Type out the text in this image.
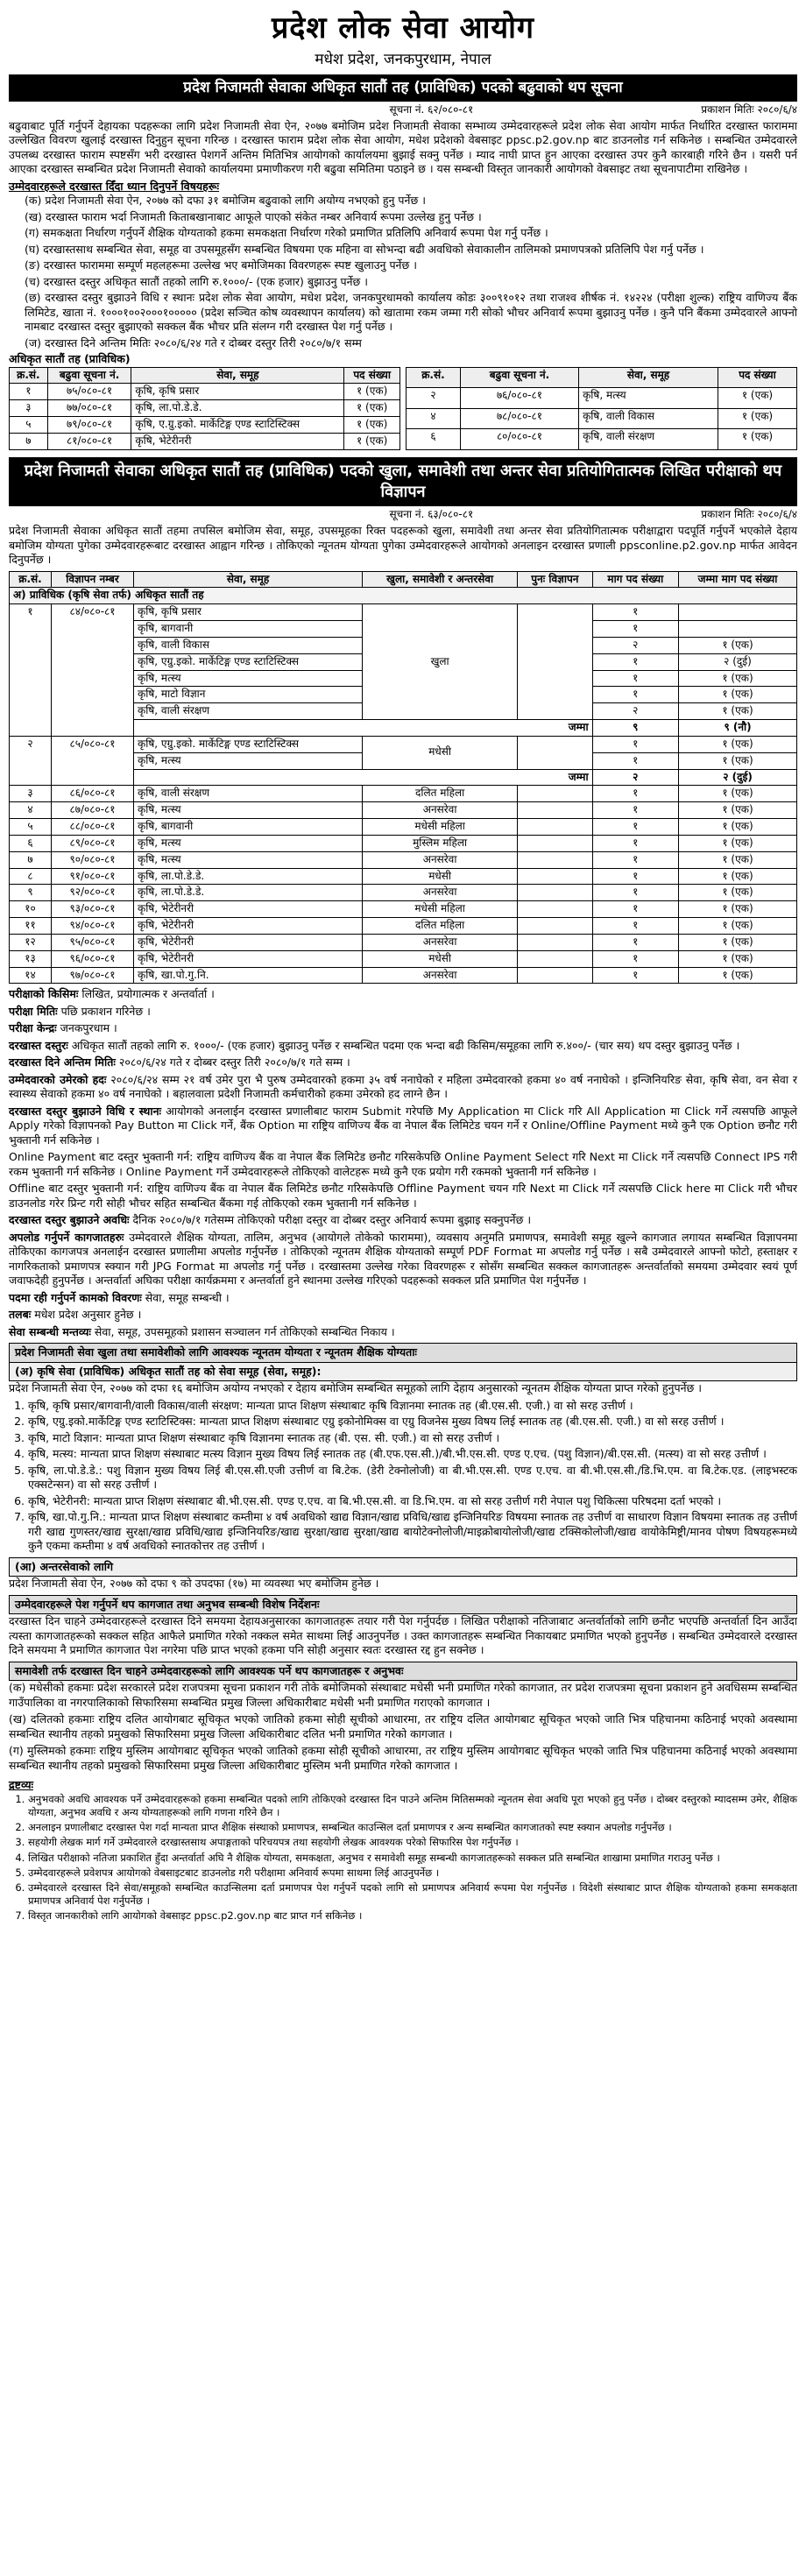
प्रदेश लोक सेवा आयोग
मधेश प्रदेश, जनकपुरधाम, नेपाल
प्रदेश निजामती सेवाका अधिकृत सातौं तह (प्राविधिक) पदको बढुवाको थप सूचना
सूचना नं. ६२/०८०-८१	प्रकाशन मितिः २०८०/६/४

बढुवाबाट पूर्ति गर्नुपर्ने देहायका पदहरूका लागि प्रदेश निजामती सेवा ऐन, २०७७ बमोजिम प्रदेश निजामती सेवाका सम्भाव्य उम्मेदवारहरूले प्रदेश लोक सेवा आयोग मार्फत निर्धारित दरखास्त फाराममा उल्लेखित विवरण खुलाई दरखास्त दिनुहुन सूचना गरिन्छ । दरखास्त फाराम प्रदेश लोक सेवा आयोग, मधेश प्रदेशको वेबसाइट ppsc.p2.gov.np बाट डाउनलोड गर्न सकिनेछ । सम्बन्धित उम्मेदवारले उपलब्ध दरखास्त फाराम स्पष्टसँग भरी दरखास्त पेशगर्ने अन्तिम मितिभित्र आयोगको कार्यालयमा बुझाई सक्नु पर्नेछ । म्याद नाघी प्राप्त हुन आएका दरखास्त उपर कुनै कारबाही गरिने छैन । यसरी पर्न आएका दरखास्त सम्बन्धित प्रदेश निजामती सेवाको कार्यालयमा प्रमाणीकरण गरी बढुवा समितिमा पठाइने छ । यस सम्बन्धी विस्तृत जानकारी आयोगको वेबसाइट तथा सूचनापाटीमा राखिनेछ ।

उम्मेदवारहरूले दरखास्त दिँदा ध्यान दिनुपर्ने विषयहरूः
(क) प्रदेश निजामती सेवा ऐन, २०७७ को दफा ३१ बमोजिम बढुवाको लागि अयोग्य नभएको हुनु पर्नेछ ।
(ख) दरखास्त फाराम भर्दा निजामती किताबखानाबाट आफूले पाएको संकेत नम्बर अनिवार्य रूपमा उल्लेख हुनु पर्नेछ ।
(ग) समकक्षता निर्धारण गर्नुपर्ने शैक्षिक योग्यताको हकमा समकक्षता निर्धारण गरेको प्रमाणित प्रतिलिपि अनिवार्य रूपमा पेश गर्नु पर्नेछ ।
(घ) दरखास्तसाथ सम्बन्धित सेवा, समूह वा उपसमूहसँग सम्बन्धित विषयमा एक महिना वा सोभन्दा बढी अवधिको सेवाकालीन तालिमको प्रमाणपत्रको प्रतिलिपि पेश गर्नु पर्नेछ ।
(ङ) दरखास्त फाराममा सम्पूर्ण महलहरूमा उल्लेख भए बमोजिमका विवरणहरू स्पष्ट खुलाउनु पर्नेछ ।
(च) दरखास्त दस्तुर अधिकृत सातौं तहको लागि रु.१०००/- (एक हजार) बुझाउनु पर्नेछ ।
(छ) दरखास्त दस्तुर बुझाउने विधि र स्थानः प्रदेश लोक सेवा आयोग, मधेश प्रदेश, जनकपुरधामको कार्यालय कोडः ३००९१०१२ तथा राजश्व शीर्षक नं. १४२२४ (परीक्षा शुल्क) राष्ट्रिय वाणिज्य बैंक लिमिटेड, खाता नं. १०००१००२०००१००००० (प्रदेश सञ्चित कोष व्यवस्थापन कार्यालय) को खातामा रकम जम्मा गरी सोको भौचर अनिवार्य रूपमा बुझाउनु पर्नेछ । कुनै पनि बैंकमा उम्मेदवारले आफ्नो नामबाट दरखास्त दस्तुर बुझाएको सक्कल बैंक भौचर प्रति संलग्न गरी दरखास्त पेश गर्नु पर्नेछ ।
(ज) दरखास्त दिने अन्तिम मितिः २०८०/६/२४ गते र दोब्बर दस्तुर तिरी २०८०/७/१ सम्म
अधिकृत सातौं तह (प्राविधिक)
क्र.सं.	बढुवा सूचना नं.	सेवा, समूह	पद संख्या
१	७५/०८०-८१	कृषि, कृषि प्रसार	१ (एक)
३	७७/०८०-८१	कृषि, ला.पो.डे.डे.	१ (एक)
५	७९/०८०-८१	कृषि, ए.ग्रु.इको. मार्केटिङ्ग एण्ड स्टाटिस्टिक्स	१ (एक)
७	८१/०८०-८१	कृषि, भेटेरीनरी	१ (एक)
क्र.सं.	बढुवा सूचना नं.	सेवा, समूह	पद संख्या
२	७६/०८०-८१	कृषि, मत्स्य	१ (एक)
४	७८/०८०-८१	कृषि, वाली विकास	१ (एक)
६	८०/०८०-८१	कृषि, वाली संरक्षण	१ (एक)
प्रदेश निजामती सेवाका अधिकृत सातौं तह (प्राविधिक) पदको खुला, समावेशी तथा अन्तर सेवा प्रतियोगितात्मक लिखित परीक्षाको थप विज्ञापन
सूचना नं. ६३/०८०-८१	प्रकाशन मितिः २०८०/६/४

प्रदेश निजामती सेवाका अधिकृत सातौं तहमा तपसिल बमोजिम सेवा, समूह, उपसमूहका रिक्त पदहरूको खुला, समावेशी तथा अन्तर सेवा प्रतियोगितात्मक परीक्षाद्वारा पदपूर्ति गर्नुपर्ने भएकोले देहाय बमोजिम योग्यता पुगेका उम्मेदवारहरूबाट दरखास्त आह्वान गरिन्छ । तोकिएको न्यूनतम योग्यता पुगेका उम्मेदवारहरूले आयोगको अनलाइन दरखास्त प्रणाली ppsconline.p2.gov.np मार्फत आवेदन दिनुपर्नेछ ।

क्र.सं.	विज्ञापन नम्बर	सेवा, समूह	खुला, समावेशी र अन्तरसेवा	पुनः विज्ञापन	माग पद संख्या	जम्मा माग पद संख्या
अ) प्राविधिक (कृषि सेवा तर्फ) अधिकृत सातौं तह						
१	८४/०८०-८१	कृषि, कृषि प्रसार	खुला		१	
		कृषि, बागवानी			१	
		कृषि, वाली विकास			२	१ (एक)
		कृषि, एग्रु.इको. मार्केटिङ्ग एण्ड स्टाटिस्टिक्स			१	२ (दुई)
		कृषि, मत्स्य			१	१ (एक)
		कृषि, माटो विज्ञान			१	१ (एक)
		कृषि, वाली संरक्षण			२	१ (एक)
		जम्मा			९	९ (नौ)
२	८५/०८०-८१	कृषि, एग्रु.इको. मार्केटिङ्ग एण्ड स्टाटिस्टिक्स	मधेसी		१	१ (एक)
		कृषि, मत्स्य			१	१ (एक)
		जम्मा			२	२ (दुई)
३	८६/०८०-८१	कृषि, वाली संरक्षण	दलित महिला		१	१ (एक)
४	८७/०८०-८१	कृषि, मत्स्य	अनसरेवा		१	१ (एक)
५	८८/०८०-८१	कृषि, बागवानी	मधेसी महिला		१	१ (एक)
६	८९/०८०-८१	कृषि, मत्स्य	मुस्लिम महिला		१	१ (एक)
७	९०/०८०-८१	कृषि, मत्स्य	अनसरेवा		१	१ (एक)
८	९१/०८०-८१	कृषि, ला.पो.डे.डे.	मधेसी		१	१ (एक)
९	९२/०८०-८१	कृषि, ला.पो.डे.डे.	अनसरेवा		१	१ (एक)
१०	९३/०८०-८१	कृषि, भेटेरीनरी	मधेसी महिला		१	१ (एक)
११	९४/०८०-८१	कृषि, भेटेरीनरी	दलित महिला		१	१ (एक)
१२	९५/०८०-८१	कृषि, भेटेरीनरी	अनसरेवा		१	१ (एक)
१३	९६/०८०-८१	कृषि, भेटेरीनरी	मधेसी		१	१ (एक)
१४	९७/०८०-८१	कृषि, खा.पो.गु.नि.	अनसरेवा		१	१ (एक)

परीक्षाको किसिमः लिखित, प्रयोगात्मक र अन्तर्वार्ता ।

परीक्षा मितिः पछि प्रकाशन गरिनेछ ।

परीक्षा केन्द्रः जनकपुरधाम ।

दरखास्त दस्तुरः अधिकृत सातौं तहको लागि रु. १०००/- (एक हजार) बुझाउनु पर्नेछ र सम्बन्धित पदमा एक भन्दा बढी किसिम/समूहका लागि रु.४००/- (चार सय) थप दस्तुर बुझाउनु पर्नेछ ।

दरखास्त दिने अन्तिम मितिः २०८०/६/२४ गते र दोब्बर दस्तुर तिरी २०८०/७/१ गते सम्म ।

उम्मेदवारको उमेरको हदः २०८०/६/२४ सम्म २१ वर्ष उमेर पुरा भै पुरुष उम्मेदवारको हकमा ३५ वर्ष ननाघेको र महिला उम्मेदवारको हकमा ४० वर्ष ननाघेको । इन्जिनियरिङ सेवा, कृषि सेवा, वन सेवा र स्वास्थ्य सेवाको हकमा ४० वर्ष ननाघेको । बहालवाला प्रदेशी निजामती कर्मचारीको हकमा उमेरको हद लाग्ने छैन ।

दरखास्त दस्तुर बुझाउने विधि र स्थानः आयोगको अनलाईन दरखास्त प्रणालीबाट फाराम Submit गरेपछि My Application मा Click गरि All Application मा Click गर्ने त्यसपछि आफूले Apply गरेको विज्ञापनको Pay Button मा Click गर्ने, बैंक Option मा राष्ट्रिय वाणिज्य बैंक वा नेपाल बैंक लिमिटेड चयन गर्ने र Online/Offline Payment मध्ये कुनै एक Option छनौट गरी भुक्तानी गर्न सकिनेछ ।

Online Payment बाट दस्तुर भुक्तानी गर्न: राष्ट्रिय वाणिज्य बैंक वा नेपाल बैंक लिमिटेड छनौट गरिसकेपछि Online Payment Select गरि Next मा Click गर्ने त्यसपछि Connect IPS गरी रकम भुक्तानी गर्न सकिनेछ । Online Payment गर्ने उम्मेदवारहरूले तोकिएको वालेटहरू मध्ये कुनै एक प्रयोग गरी रकमको भुक्तानी गर्न सकिनेछ ।

Offline बाट दस्तुर भुक्तानी गर्न: राष्ट्रिय वाणिज्य बैंक वा नेपाल बैंक लिमिटेड छनौट गरिसकेपछि Offline Payment चयन गरि Next मा Click गर्ने त्यसपछि Click here मा Click गरी भौचर डाउनलोड गरेर प्रिन्ट गरी सोही भौचर सहित सम्बन्धित बैंकमा गई तोकिएको रकम भुक्तानी गर्न सकिनेछ ।

दरखास्त दस्तुर बुझाउने अवधिः दैनिक २०८०/७/१ गतेसम्म तोकिएको परीक्षा दस्तुर वा दोब्बर दस्तुर अनिवार्य रूपमा बुझाइ सक्नुपर्नेछ ।

अपलोड गर्नुपर्ने कागजातहरुः उम्मेदवारले शैक्षिक योग्यता, तालिम, अनुभव (आयोगले तोकेको फाराममा), व्यवसाय अनुमति प्रमाणपत्र, समावेशी समूह खुल्ने कागजात लगायत सम्बन्धित विज्ञापनमा तोकिएका कागजपत्र अनलाईन दरखास्त प्रणालीमा अपलोड गर्नुपर्नेछ । तोकिएको न्यूनतम शैक्षिक योग्यताको सम्पूर्ण PDF Format मा अपलोड गर्नु पर्नेछ । सबै उम्मेदवारले आफ्नो फोटो, हस्ताक्षर र नागरिकताको प्रमाणपत्र स्क्यान गरी JPG Format मा अपलोड गर्नु पर्नेछ । दरखास्तमा उल्लेख गरेका विवरणहरू र सोसँग सम्बन्धित सक्कल कागजातहरू अन्तर्वार्ताको समयमा उम्मेदवार स्वयं पूर्ण जवाफदेही हुनुपर्नेछ । अन्तर्वार्ता अघिका परीक्षा कार्यक्रममा र अन्तर्वार्ता हुने स्थानमा उल्लेख गरिएको पदहरूको सक्कल प्रति प्रमाणित पेश गर्नुपर्नेछ ।

पदमा रही गर्नुपर्ने कामको विवरणः सेवा, समूह सम्बन्धी ।

तलबः मधेश प्रदेश अनुसार हुनेछ ।

सेवा सम्बन्धी मन्तव्यः सेवा, समूह, उपसमूहको प्रशासन सञ्चालन गर्न तोकिएको सम्बन्धित निकाय ।

प्रदेश निजामती सेवा खुला तथा समावेशीको लागि आवश्यक न्यूनतम योग्यता र न्यूनतम शैक्षिक योग्यताः
(अ) कृषि सेवा (प्राविधिक) अधिकृत सातौं तह को सेवा समूह (सेवा, समूह):

प्रदेश निजामती सेवा ऐन, २०७७ को दफा १६ बमोजिम अयोग्य नभएको र देहाय बमोजिम सम्बन्धित समूहको लागि देहाय अनुसारको न्यूनतम शैक्षिक योग्यता प्राप्त गरेको हुनुपर्नेछ ।

1. कृषि, कृषि प्रसार/बागवानी/वाली विकास/वाली संरक्षण: मान्यता प्राप्त शिक्षण संस्थाबाट कृषि विज्ञानमा स्नातक तह (बी.एस.सी. एजी.) वा सो सरह उत्तीर्ण ।
2. कृषि, एग्रु.इको.मार्केटिङ्ग एण्ड स्टाटिस्टिक्स: मान्यता प्राप्त शिक्षण संस्थाबाट एग्रु इकोनोमिक्स वा एग्रु विजनेस मुख्य विषय लिई स्नातक तह (बी.एस.सी. एजी.) वा सो सरह उत्तीर्ण ।
3. कृषि, माटो विज्ञान: मान्यता प्राप्त शिक्षण संस्थाबाट कृषि विज्ञानमा स्नातक तह (बी. एस. सी. एजी.) वा सो सरह उत्तीर्ण ।
4. कृषि, मत्स्य: मान्यता प्राप्त शिक्षण संस्थाबाट मत्स्य विज्ञान मुख्य विषय लिई स्नातक तह (बी.एफ.एस.सी.)/बी.भी.एस.सी. एण्ड ए.एच. (पशु विज्ञान)/बी.एस.सी. (मत्स्य) वा सो सरह उत्तीर्ण ।
5. कृषि, ला.पो.डे.डे.: पशु विज्ञान मुख्य विषय लिई बी.एस.सी.एजी उत्तीर्ण वा बि.टेक. (डेरी टेक्नोलोजी) वा बी.भी.एस.सी. एण्ड ए.एच. वा बी.भी.एस.सी./डि.भि.एम. वा बि.टेक.एड. (लाइभस्टक एक्सटेन्सन) वा सो सरह उत्तीर्ण ।
6. कृषि, भेटेरीनरी: मान्यता प्राप्त शिक्षण संस्थाबाट बी.भी.एस.सी. एण्ड ए.एच. वा बि.भी.एस.सी. वा डि.भि.एम. वा सो सरह उत्तीर्ण गरी नेपाल पशु चिकित्सा परिषदमा दर्ता भएको ।
7. कृषि, खा.पो.गु.नि.: मान्यता प्राप्त शिक्षण संस्थाबाट कम्तीमा ४ वर्ष अवधिको खाद्य विज्ञान/खाद्य प्रविधि/खाद्य इन्जिनियरिङ विषयमा स्नातक तह उत्तीर्ण वा साधारण विज्ञान विषयमा स्नातक तह उत्तीर्ण गरी खाद्य गुणस्तर/खाद्य सुरक्षा/खाद्य प्रविधि/खाद्य इन्जिनियरिङ/खाद्य सुरक्षा/खाद्य सुरक्षा/खाद्य बायोटेक्नोलोजी/माइक्रोबायोलोजी/खाद्य टक्सिकोलोजी/खाद्य वायोकेमिष्ट्री/मानव पोषण विषयहरूमध्ये कुनै एकमा कम्तीमा ४ वर्ष अवधिको स्नातकोत्तर तह उत्तीर्ण ।
(आ) अन्तरसेवाको लागि

प्रदेश निजामती सेवा ऐन, २०७७ को दफा ९ को उपदफा (१७) मा व्यवस्था भए बमोजिम हुनेछ ।

उम्मेदवारहरूले पेश गर्नुपर्ने थप कागजात तथा अनुभव सम्बन्धी विशेष निर्देशनः

दरखास्त दिन चाहने उम्मेदवारहरूले दरखास्त दिने समयमा देहायअनुसारका कागजातहरू तयार गरी पेश गर्नुपर्दछ । लिखित परीक्षाको नतिजाबाट अन्तर्वार्ताको लागि छनौट भएपछि अन्तर्वार्ता दिन आउँदा त्यस्ता कागजातहरूको सक्कल सहित आफैले प्रमाणित गरेको नक्कल समेत साथमा लिई आउनुपर्नेछ । उक्त कागजातहरू सम्बन्धित निकायबाट प्रमाणित भएको हुनुपर्नेछ । सम्बन्धित उम्मेदवारले दरखास्त दिने समयमा नै प्रमाणित कागजात पेश नगरेमा पछि प्राप्त भएको हकमा पनि सोही अनुसार स्वतः दरखास्त रद्द हुन सक्नेछ ।

समावेशी तर्फ दरखास्त दिन चाहने उम्मेदवारहरूको लागि आवश्यक पर्ने थप कागजातहरू र अनुभवः

(क) मधेसीको हकमाः प्रदेश सरकारले प्रदेश राजपत्रमा सूचना प्रकाशन गरी तोके बमोजिमको संस्थाबाट मधेसी भनी प्रमाणित गरेको कागजात, तर प्रदेश राजपत्रमा सूचना प्रकाशन हुने अवधिसम्म सम्बन्धित गाउँपालिका वा नगरपालिकाको सिफारिसमा सम्बन्धित प्रमुख जिल्ला अधिकारीबाट मधेसी भनी प्रमाणित गराएको कागजात ।

(ख) दलितको हकमाः राष्ट्रिय दलित आयोगबाट सूचिकृत भएको जातिको हकमा सोही सूचीको आधारमा, तर राष्ट्रिय दलित आयोगबाट सूचिकृत भएको जाति भित्र पहिचानमा कठिनाई भएको अवस्थामा सम्बन्धित स्थानीय तहको प्रमुखको सिफारिसमा प्रमुख जिल्ला अधिकारीबाट दलित भनी प्रमाणित गरेको कागजात ।

(ग) मुस्लिमको हकमाः राष्ट्रिय मुस्लिम आयोगबाट सूचिकृत भएको जातिको हकमा सोही सूचीको आधारमा, तर राष्ट्रिय मुस्लिम आयोगबाट सूचिकृत भएको जाति भित्र पहिचानमा कठिनाई भएको अवस्थामा सम्बन्धित स्थानीय तहको प्रमुखको सिफारिसमा प्रमुख जिल्ला अधिकारीबाट मुस्लिम भनी प्रमाणित गरेको कागजात ।

द्रष्टव्यः
1. अनुभवको अवधि आवश्यक पर्ने उम्मेदवारहरूको हकमा सम्बन्धित पदको लागि तोकिएको दरखास्त दिन पाउने अन्तिम मितिसम्मको न्यूनतम सेवा अवधि पूरा भएको हुनु पर्नेछ । दोब्बर दस्तुरको म्यादसम्म उमेर, शैक्षिक योग्यता, अनुभव अवधि र अन्य योग्यताहरूको लागि गणना गरिने छैन ।
2. अनलाइन प्रणालीबाट दरखास्त पेश गर्दा मान्यता प्राप्त शैक्षिक संस्थाको प्रमाणपत्र, सम्बन्धित काउन्सिल दर्ता प्रमाणपत्र र अन्य सम्बन्धित कागजातको स्पष्ट स्क्यान अपलोड गर्नुपर्नेछ ।
3. सहयोगी लेखक मार्ग गर्ने उम्मेदवारले दरखास्तसाथ अपाङ्गताको परिचयपत्र तथा सहयोगी लेखक आवश्यक परेको सिफारिस पेश गर्नुपर्नेछ ।
4. लिखित परीक्षाको नतिजा प्रकाशित हुँदा अन्तर्वार्ता अघि नै शैक्षिक योग्यता, समकक्षता, अनुभव र समावेशी समूह सम्बन्धी कागजातहरूको सक्कल प्रति सम्बन्धित शाखामा प्रमाणित गराउनु पर्नेछ ।
5. उम्मेदवारहरूले प्रवेशपत्र आयोगको वेबसाइटबाट डाउनलोड गरी परीक्षामा अनिवार्य रूपमा साथमा लिई आउनुपर्नेछ ।
6. उम्मेदवारले दरखास्त दिने सेवा/समूहको सम्बन्धित काउन्सिलमा दर्ता प्रमाणपत्र पेश गर्नुपर्ने पदको लागि सो प्रमाणपत्र अनिवार्य रूपमा पेश गर्नुपर्नेछ । विदेशी संस्थाबाट प्राप्त शैक्षिक योग्यताको हकमा समकक्षता प्रमाणपत्र अनिवार्य पेश गर्नुपर्नेछ ।
7. विस्तृत जानकारीको लागि आयोगको वेबसाइट ppsc.p2.gov.np बाट प्राप्त गर्न सकिनेछ ।
